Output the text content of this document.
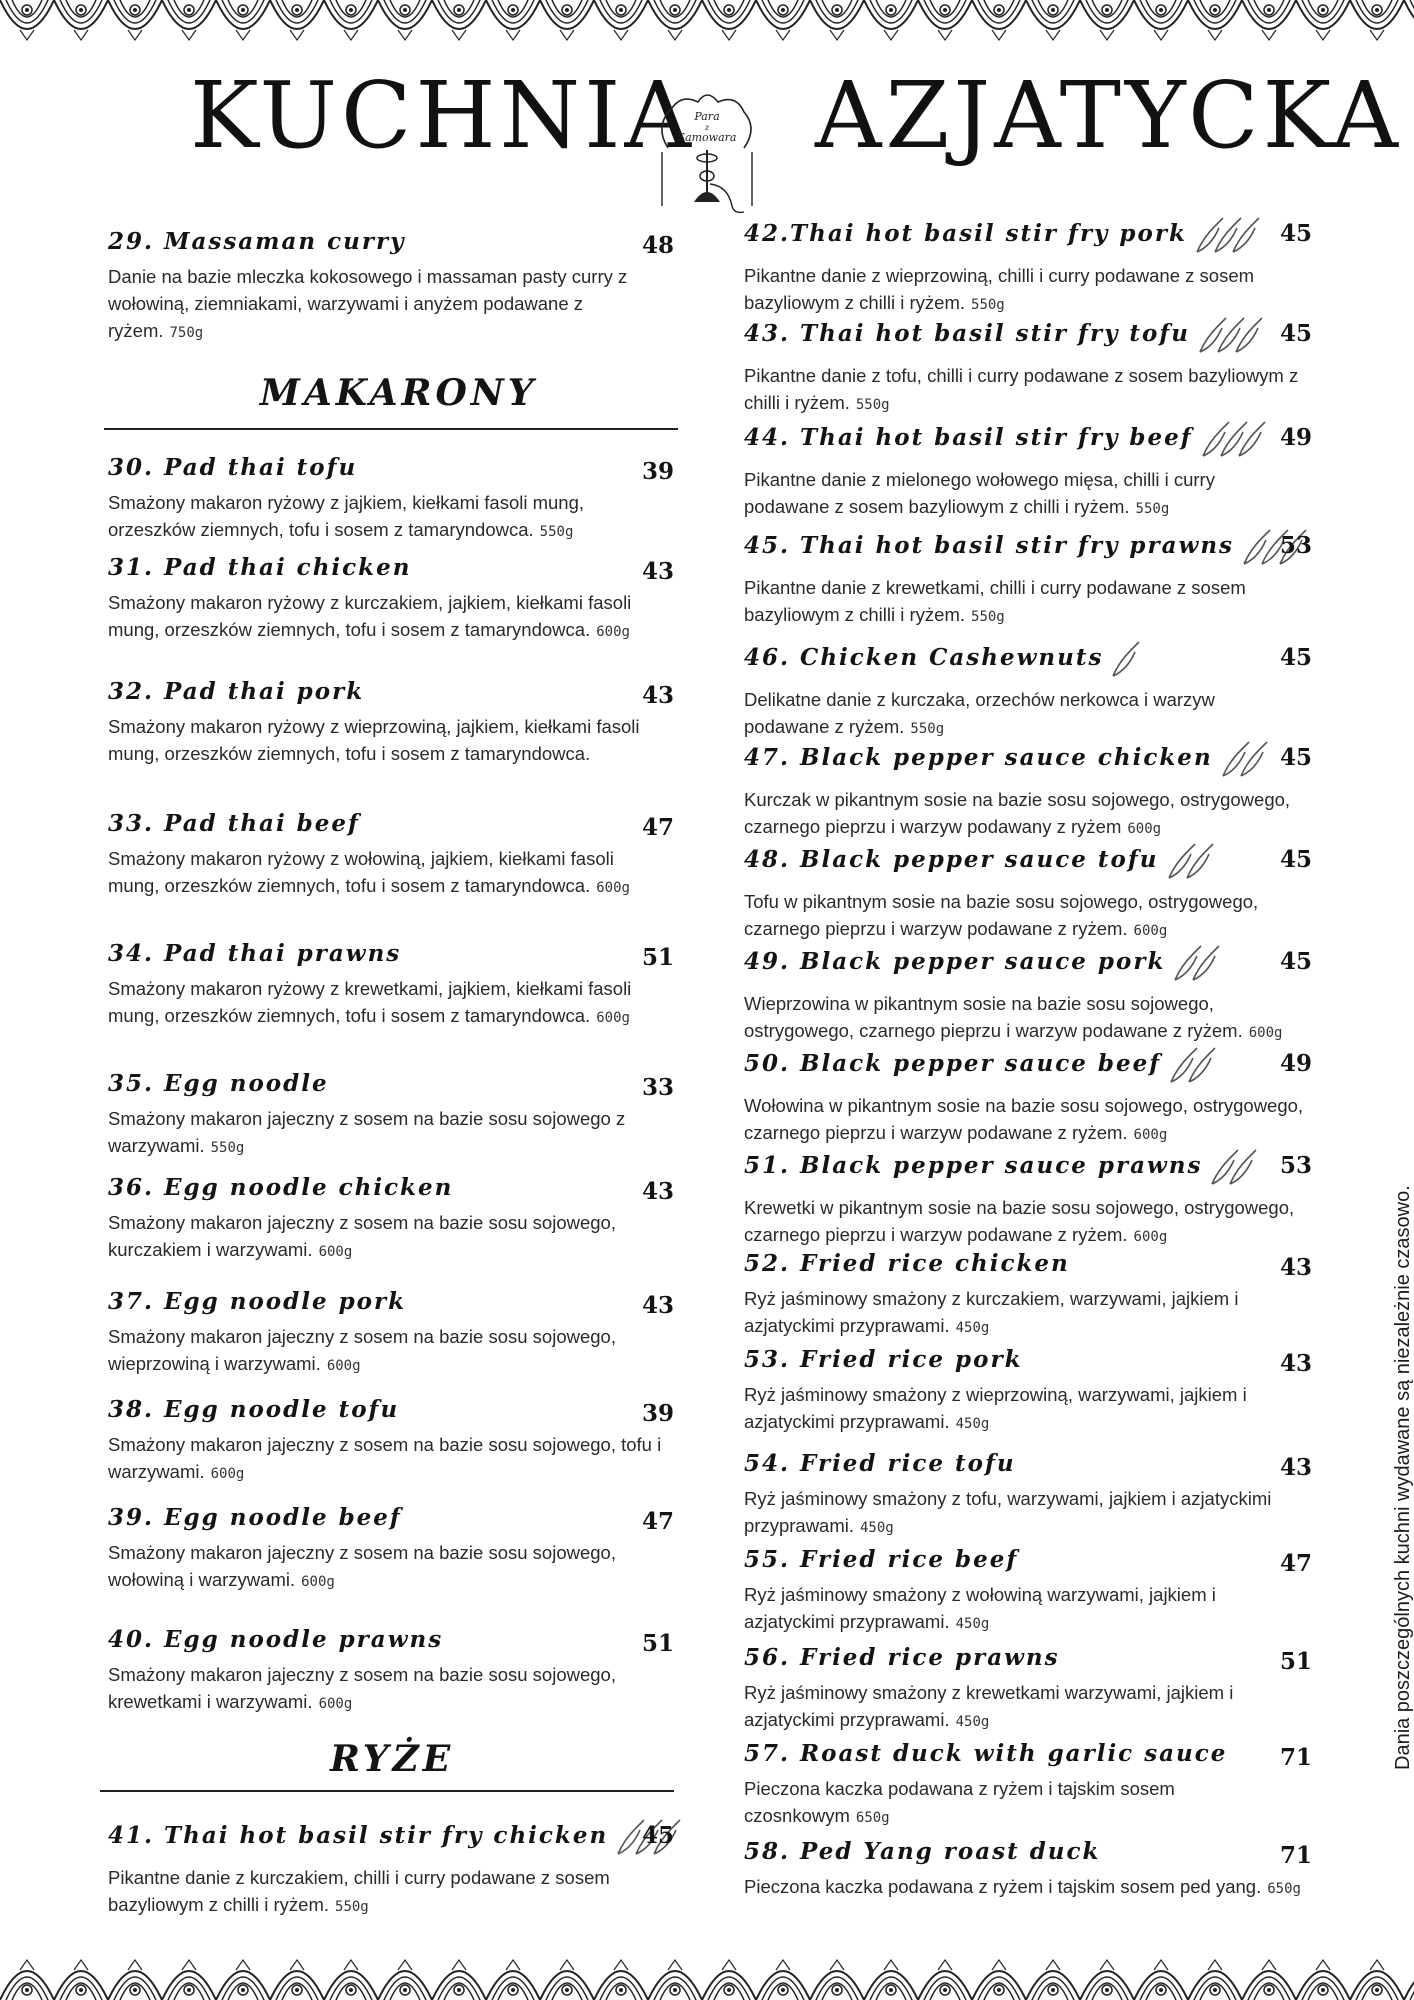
KUCHNIA AZJATYCKA
Para
z
Samowara
29. Massaman curry
Danie na bazie mleczka kokosowego i massaman pasty curry z wołowiną, ziemniakami, warzywami i anyżem podawane z ryżem. 750g
48
30. Pad thai tofu
Smażony makaron ryżowy z jajkiem, kiełkami fasoli mung, orzeszków ziemnych, tofu i sosem z tamaryndowca. 550g
39
31. Pad thai chicken
Smażony makaron ryżowy z kurczakiem, jajkiem, kiełkami fasoli mung, orzeszków ziemnych, tofu i sosem z tamaryndowca. 600g
43
32. Pad thai pork
Smażony makaron ryżowy z wieprzowiną, jajkiem, kiełkami fasoli mung, orzeszków ziemnych, tofu i sosem z tamaryndowca.
43
33. Pad thai beef
Smażony makaron ryżowy z wołowiną, jajkiem, kiełkami fasoli mung, orzeszków ziemnych, tofu i sosem z tamaryndowca. 600g
47
34. Pad thai prawns
Smażony makaron ryżowy z krewetkami, jajkiem, kiełkami fasoli mung, orzeszków ziemnych, tofu i sosem z tamaryndowca. 600g
51
35. Egg noodle
Smażony makaron jajeczny z sosem na bazie sosu sojowego z warzywami. 550g
33
36. Egg noodle chicken
Smażony makaron jajeczny z sosem na bazie sosu sojowego, kurczakiem i warzywami. 600g
43
37. Egg noodle pork
Smażony makaron jajeczny z sosem na bazie sosu sojowego, wieprzowiną i warzywami. 600g
43
38. Egg noodle tofu
Smażony makaron jajeczny z sosem na bazie sosu sojowego, tofu i warzywami. 600g
39
39. Egg noodle beef
Smażony makaron jajeczny z sosem na bazie sosu sojowego, wołowiną i warzywami. 600g
47
40. Egg noodle prawns
Smażony makaron jajeczny z sosem na bazie sosu sojowego, krewetkami i warzywami. 600g
51
41. Thai hot basil stir fry chicken
Pikantne danie z kurczakiem, chilli i curry podawane z sosem bazyliowym z chilli i ryżem. 550g
45
42.Thai hot basil stir fry pork
Pikantne danie z wieprzowiną, chilli i curry podawane z sosem bazyliowym z chilli i ryżem. 550g
45
43. Thai hot basil stir fry tofu
Pikantne danie z tofu, chilli i curry podawane z sosem bazyliowym z chilli i ryżem. 550g
45
44. Thai hot basil stir fry beef
Pikantne danie z mielonego wołowego mięsa, chilli i curry podawane z sosem bazyliowym z chilli i ryżem. 550g
49
45. Thai hot basil stir fry prawns
Pikantne danie z krewetkami, chilli i curry podawane z sosem bazyliowym z chilli i ryżem. 550g
53
46. Chicken Cashewnuts
Delikatne danie z kurczaka, orzechów nerkowca i warzyw podawane z ryżem. 550g
45
47. Black pepper sauce chicken
Kurczak w pikantnym sosie na bazie sosu sojowego, ostrygowego, czarnego pieprzu i warzyw podawany z ryżem 600g
45
48. Black pepper sauce tofu
Tofu w pikantnym sosie na bazie sosu sojowego, ostrygowego, czarnego pieprzu i warzyw podawane z ryżem. 600g
45
49. Black pepper sauce pork
Wieprzowina w pikantnym sosie na bazie sosu sojowego, ostrygowego, czarnego pieprzu i warzyw podawane z ryżem. 600g
45
50. Black pepper sauce beef
Wołowina w pikantnym sosie na bazie sosu sojowego, ostrygowego, czarnego pieprzu i warzyw podawane z ryżem. 600g
49
51. Black pepper sauce prawns
Krewetki w pikantnym sosie na bazie sosu sojowego, ostrygowego, czarnego pieprzu i warzyw podawane z ryżem. 600g
53
52. Fried rice chicken
Ryż jaśminowy smażony z kurczakiem, warzywami, jajkiem i azjatyckimi przyprawami. 450g
43
53. Fried rice pork
Ryż jaśminowy smażony z wieprzowiną, warzywami, jajkiem i azjatyckimi przyprawami. 450g
43
54. Fried rice tofu
Ryż jaśminowy smażony z tofu, warzywami, jajkiem i azjatyckimi przyprawami. 450g
43
55. Fried rice beef
Ryż jaśminowy smażony z wołowiną warzywami, jajkiem i azjatyckimi przyprawami. 450g
47
56. Fried rice prawns
Ryż jaśminowy smażony z krewetkami warzywami, jajkiem i azjatyckimi przyprawami. 450g
51
57. Roast duck with garlic sauce
Pieczona kaczka podawana z ryżem i tajskim sosem czosnkowym 650g
71
58. Ped Yang roast duck
Pieczona kaczka podawana z ryżem i tajskim sosem ped yang. 650g
71
MAKARONY
RYŻE	Dania poszczególnych kuchni wydawane są niezależnie czasowo.
